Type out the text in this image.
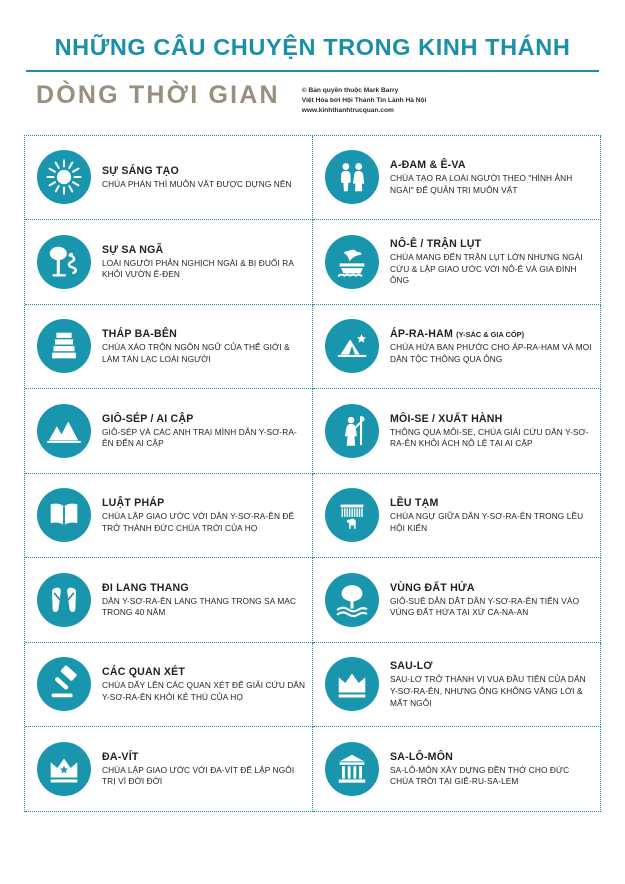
NHỮNG CÂU CHUYỆN TRONG KINH THÁNH
DÒNG THỜI GIAN	© Bản quyền thuộc Mark Barry
Việt Hóa bởi Hội Thánh Tin Lành Hà Nội
www.kinhthanhtrucquan.com
SỰ SÁNG TẠO
CHÚA PHÁN THÌ MUÔN VẬT ĐƯỢC DỰNG NÊN
A-ĐAM & Ê-VA
CHÚA TẠO RA LOÀI NGƯỜI THEO "HÌNH ẢNH NGÀI" ĐỂ QUẢN TRỊ MUÔN VẬT
SỰ SA NGÃ
LOÀI NGƯỜI PHẢN NGHỊCH NGÀI & BỊ ĐUỔI RA KHỎI VƯỜN Ê-ĐEN
NÔ-Ê / TRẬN LỤT
CHÚA MANG ĐẾN TRẬN LỤT LỚN NHƯNG NGÀI CỨU & LẬP GIAO ƯỚC VỚI NÔ-Ê VÀ GIA ĐÌNH ÔNG
THÁP BA-BÊN
CHÚA XÁO TRỘN NGÔN NGỮ CỦA THẾ GIỚI & LÀM TÁN LẠC LOÀI NGƯỜI
ÁP-RA-HAM (Y-SÁC & GIA CỐP)
CHÚA HỨA BAN PHƯỚC CHO ÁP-RA-HAM VÀ MỌI DÂN TỘC THÔNG QUA ÔNG
GIÔ-SÉP / AI CẬP
GIÔ-SÉP VÀ CÁC ANH TRAI MÌNH DẪN Y-SƠ-RA-ÊN ĐẾN AI CẬP
MÔI-SE / XUẤT HÀNH
THÔNG QUA MÔI-SE, CHÚA GIẢI CỨU DÂN Y-SƠ-RA-ÊN KHỎI ÁCH NÔ LỆ TẠI AI CẬP
LUẬT PHÁP
CHÚA LẬP GIAO ƯỚC VỚI DÂN Y-SƠ-RA-ÊN ĐỂ TRỞ THÀNH ĐỨC CHÚA TRỜI CỦA HỌ
LỀU TẠM
CHÚA NGỰ GIỮA DÂN Y-SƠ-RA-ÊN TRONG LỀU HỘI KIẾN
ĐI LANG THANG
DÂN Y-SƠ-RA-ÊN LANG THANG TRONG SA MẠC TRONG 40 NĂM
VÙNG ĐẤT HỨA
GIÔ-SUÊ DẪN DẮT DÂN Y-SƠ-RA-ÊN TIẾN VÀO VÙNG ĐẤT HỨA TẠI XỨ CA-NA-AN
CÁC QUAN XÉT
CHÚA DẤY LÊN CÁC QUAN XÉT ĐỂ GIẢI CỨU DÂN Y-SƠ-RA-ÊN KHỎI KẺ THÙ CỦA HỌ
SAU-LƠ
SAU-LƠ TRỞ THÀNH VỊ VUA ĐẦU TIÊN CỦA DÂN Y-SƠ-RA-ÊN, NHƯNG ÔNG KHÔNG VÂNG LỜI & MẤT NGÔI
ĐA-VÍT
CHÚA LẬP GIAO ƯỚC VỚI ĐA-VÍT ĐỂ LẬP NGÔI TRỊ VÌ ĐỜI ĐỜI
SA-LÔ-MÔN
SA-LÔ-MÔN XÂY DỰNG ĐỀN THỜ CHO ĐỨC CHÚA TRỜI TẠI GIÊ-RU-SA-LEM
